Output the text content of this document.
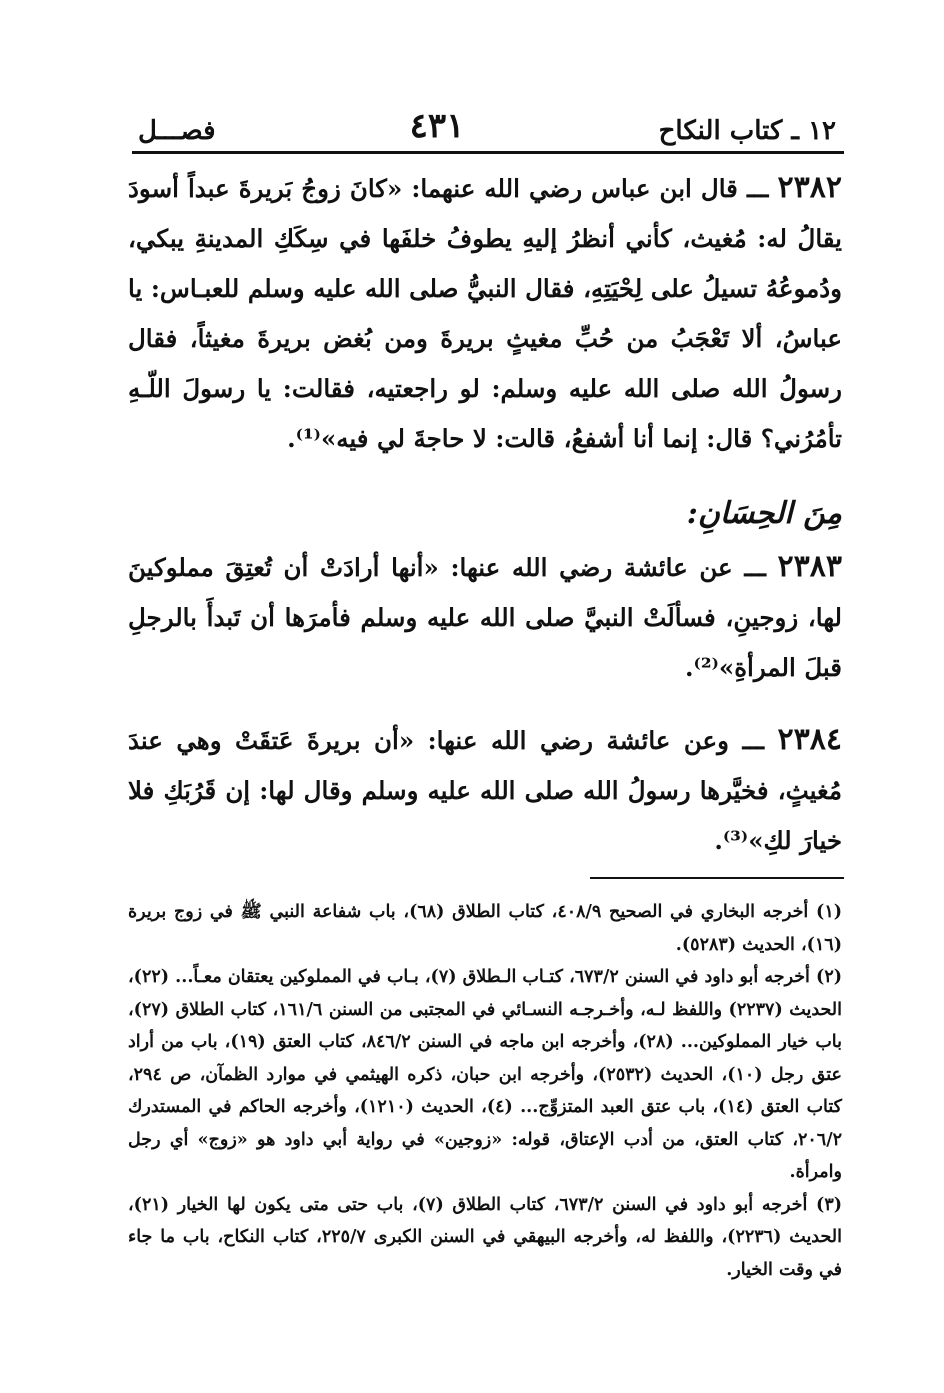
١٢ ـ كتاب النكاح
٤٣١
فصـــل

٢٣٨٢ ـــ قال ابن عباس رضي الله عنهما: «كانَ زوجُ بَريرةَ عبداً أسودَ يقالُ له: مُغيث، كأني أنظرُ إليهِ يطوفُ خلفَها في سِكَكِ المدينةِ يبكي، ودُموعُهُ تسيلُ على لِحْيَتِهِ، فقال النبيُّ صلى الله عليه وسلم للعبـاس: يا عباسُ، ألا تَعْجَبُ من حُبِّ مغيثٍ بريرةَ ومن بُغض بريرةَ مغيثاً، فقال رسولُ الله صلى الله عليه وسلم: لو راجعتيه، فقالت: يا رسولَ اللّـهِ تأمُرُني؟ قال: إنما أنا أشفعُ، قالت: لا حاجةَ لي فيه»⁽¹⁾.

مِنَ الحِسَانِ:

٢٣٨٣ ـــ عن عائشة رضي الله عنها: «أنها أرادَتْ أن تُعتِقَ مملوكينَ لها، زوجينِ، فسألَتْ النبيَّ صلى الله عليه وسلم فأمرَها أن تَبدأَ بالرجلِ قبلَ المرأةِ»⁽²⁾.

٢٣٨٤ ـــ وعن عائشة رضي الله عنها: «أن بريرةَ عَتقَتْ وهي عندَ مُغيثٍ، فخيَّرها رسولُ الله صلى الله عليه وسلم وقال لها: إن قَرُبَكِ فلا خيارَ لكِ»⁽³⁾.

(١) أخرجه البخاري في الصحيح ٤٠٨/٩، كتاب الطلاق (٦٨)، باب شفاعة النبي ﷺ في زوج بريرة (١٦)، الحديث (٥٢٨٣).

(٢) أخرجه أبو داود في السنن ٦٧٣/٢، كتـاب الـطلاق (٧)، بـاب في المملوكين يعتقان معـاً... (٢٢)، الحديث (٢٢٣٧) واللفظ لـه، وأخـرجـه النسـائي في المجتبى من السنن ١٦١/٦، كتاب الطلاق (٢٧)، باب خيار المملوكين... (٢٨)، وأخرجه ابن ماجه في السنن ٨٤٦/٢، كتاب العتق (١٩)، باب من أراد عتق رجل (١٠)، الحديث (٢٥٣٢)، وأخرجه ابن حبان، ذكره الهيثمي في موارد الظمآن، ص ٢٩٤، كتاب العتق (١٤)، باب عتق العبد المتزوِّج... (٤)، الحديث (١٢١٠)، وأخرجه الحاكم في المستدرك ٢٠٦/٢، كتاب العتق، من أدب الإعتاق، قوله: «زوجين» في رواية أبي داود هو «زوج» أي رجل وامرأة.

(٣) أخرجه أبو داود في السنن ٦٧٣/٢، كتاب الطلاق (٧)، باب حتى متى يكون لها الخيار (٢١)، الحديث (٢٢٣٦)، واللفظ له، وأخرجه البيهقي في السنن الكبرى ٢٢٥/٧، كتاب النكاح، باب ما جاء في وقت الخيار.
